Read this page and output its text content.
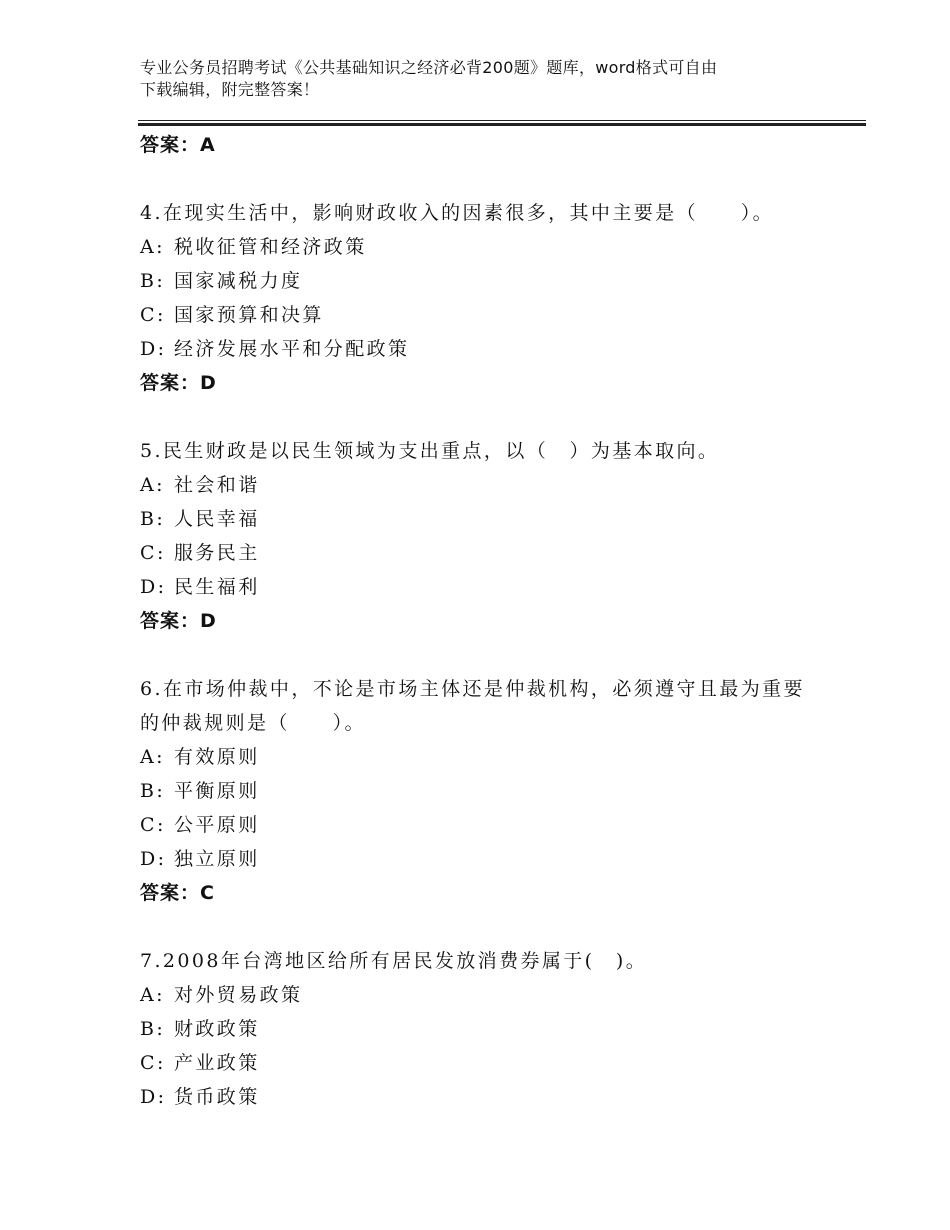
专业公务员招聘考试《公共基础知识之经济必背200题》题库，word格式可自由
下载编辑，附完整答案！
答案：A
4.在现实生活中，影响财政收入的因素很多，其中主要是（　　）。
A: 税收征管和经济政策
B: 国家减税力度
C: 国家预算和决算
D: 经济发展水平和分配政策
答案：D
5.民生财政是以民生领域为支出重点，以（　）为基本取向。
A: 社会和谐
B: 人民幸福
C: 服务民主
D: 民生福利
答案：D
6.在市场仲裁中，不论是市场主体还是仲裁机构，必须遵守且最为重要的仲裁规则是（　　）。
A: 有效原则
B: 平衡原则
C: 公平原则
D: 独立原则
答案：C
7.2008年台湾地区给所有居民发放消费券属于(　)。
A: 对外贸易政策
B: 财政政策
C: 产业政策
D: 货币政策
